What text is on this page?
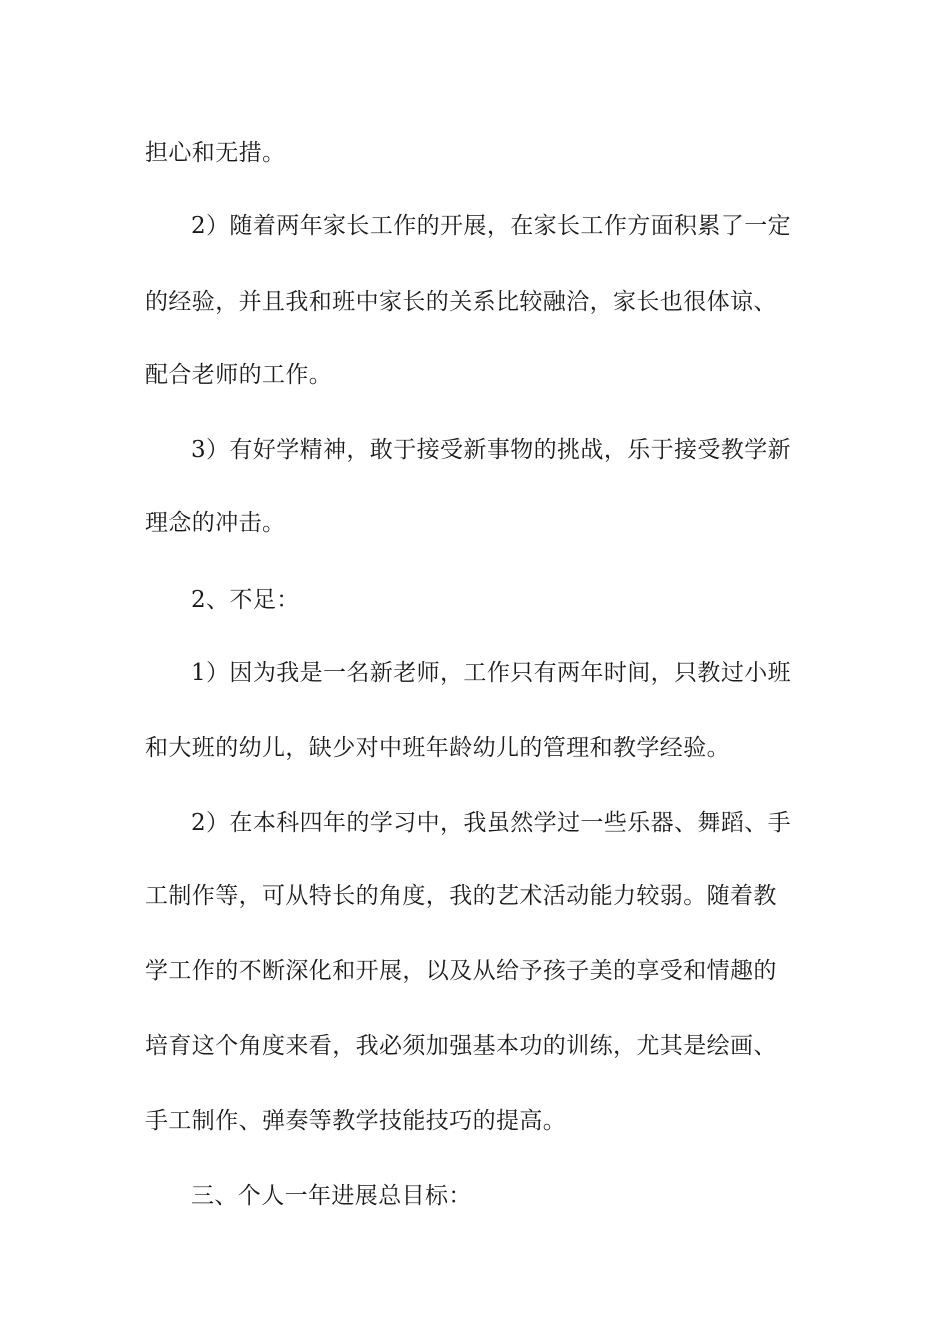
担心和无措。
2）随着两年家长工作的开展，在家长工作方面积累了一定
的经验，并且我和班中家长的关系比较融洽，家长也很体谅、
配合老师的工作。
3）有好学精神，敢于接受新事物的挑战，乐于接受教学新
理念的冲击。
2、不足：
1）因为我是一名新老师，工作只有两年时间，只教过小班
和大班的幼儿，缺少对中班年龄幼儿的管理和教学经验。
2）在本科四年的学习中，我虽然学过一些乐器、舞蹈、手
工制作等，可从特长的角度，我的艺术活动能力较弱。随着教
学工作的不断深化和开展，以及从给予孩子美的享受和情趣的
培育这个角度来看，我必须加强基本功的训练，尤其是绘画、
手工制作、弹奏等教学技能技巧的提高。
三、个人一年进展总目标：
